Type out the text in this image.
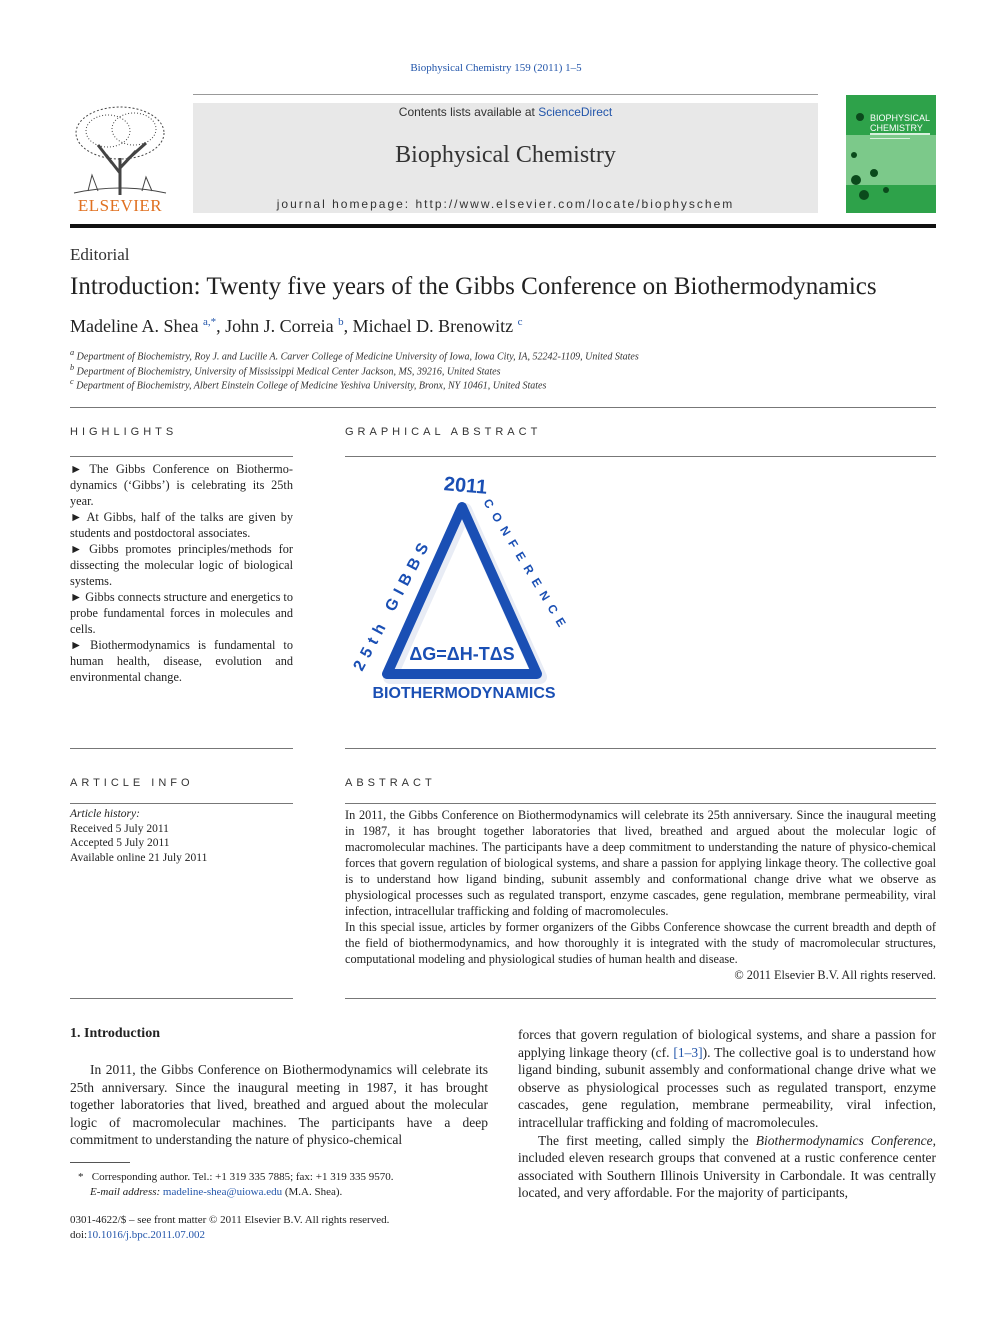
Biophysical Chemistry 159 (2011) 1–5
ELSEVIER
Contents lists available at ScienceDirect
Biophysical Chemistry
journal homepage: http://www.elsevier.com/locate/biophyschem
BIOPHYSICAL
CHEMISTRY
Editorial
Introduction: Twenty five years of the Gibbs Conference on Biothermodynamics
Madeline A. Shea $^{a,*}$, John J. Correia $^b$, Michael D. Brenowitz $^c$
$^a$ Department of Biochemistry, Roy J. and Lucille A. Carver College of Medicine University of Iowa, Iowa City, IA, 52242-1109, United States
$^b$ Department of Biochemistry, University of Mississippi Medical Center Jackson, MS, 39216, United States
$^c$ Department of Biochemistry, Albert Einstein College of Medicine Yeshiva University, Bronx, NY 10461, United States
HIGHLIGHTS

► The Gibbs Conference on Biothermodynamics (‘Gibbs’) is celebrating its 25th year.

► At Gibbs, half of the talks are given by students and postdoctoral associates.

► Gibbs promotes principles/methods for dissecting the molecular logic of biological systems.

► Gibbs connects structure and energetics to probe fundamental forces in molecules and cells.

► Biothermodynamics is fundamental to human health, disease, evolution and environmental change.

GRAPHICAL ABSTRACT
2011
25th GIBBS
CONFERENCE
ΔG=ΔH-TΔS
BIOTHERMODYNAMICS
ARTICLE INFO
Article history:
Received 5 July 2011
Accepted 5 July 2011
Available online 21 July 2011
ABSTRACT

In 2011, the Gibbs Conference on Biothermodynamics will celebrate its 25th anniversary. Since the inaugural meeting in 1987, it has brought together laboratories that lived, breathed and argued about the molecular logic of macromolecular machines. The participants have a deep commitment to understanding the nature of physico-chemical forces that govern regulation of biological systems, and share a passion for applying linkage theory. The collective goal is to understand how ligand binding, subunit assembly and conformational change drive what we observe as physiological processes such as regulated transport, enzyme cascades, gene regulation, membrane permeability, viral infection, intracellular trafficking and folding of macromolecules.

In this special issue, articles by former organizers of the Gibbs Conference showcase the current breadth and depth of the field of biothermodynamics, and how thoroughly it is integrated with the study of macromolecular structures, computational modeling and physiological studies of human health and disease.

© 2011 Elsevier B.V. All rights reserved.

1. Introduction

In 2011, the Gibbs Conference on Biothermodynamics will celebrate its 25th anniversary. Since the inaugural meeting in 1987, it has brought together laboratories that lived, breathed and argued about the molecular logic of macromolecular machines. The participants have a deep commitment to understanding the nature of physico-chemical

forces that govern regulation of biological systems, and share a passion for applying linkage theory (cf. [1–3]). The collective goal is to understand how ligand binding, subunit assembly and conformational change drive what we observe as physiological processes such as regulated transport, enzyme cascades, gene regulation, membrane permeability, viral infection, intracellular trafficking and folding of macromolecules.

The first meeting, called simply the Biothermodynamics Conference, included eleven research groups that convened at a rustic conference center associated with Southern Illinois University in Carbondale. It was centrally located, and very affordable. For the majority of participants,

* Corresponding author. Tel.: +1 319 335 7885; fax: +1 319 335 9570.
E-mail address: madeline-shea@uiowa.edu (M.A. Shea).
0301-4622/$ – see front matter © 2011 Elsevier B.V. All rights reserved.
doi:10.1016/j.bpc.2011.07.002
